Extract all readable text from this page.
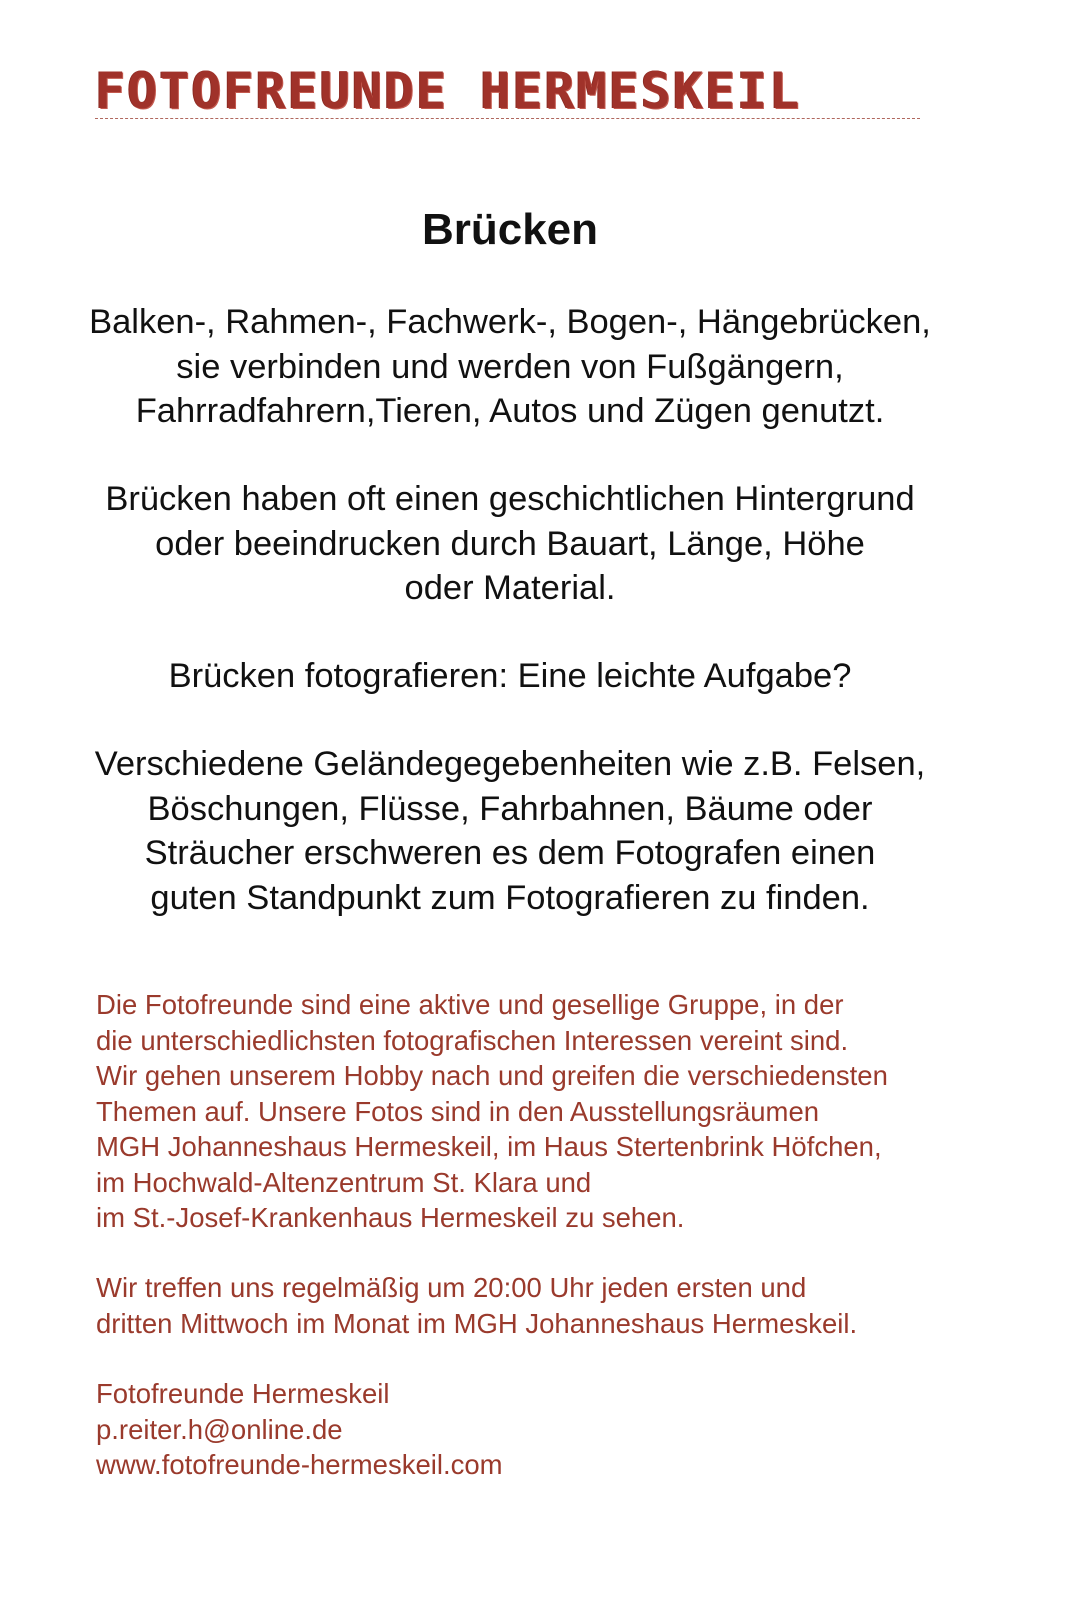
FOTOFREUNDE HERMESKEIL
Brücken
Balken-, Rahmen-, Fachwerk-, Bogen-, Hängebrücken,
sie verbinden und werden von Fußgängern,
Fahrradfahrern,Tieren, Autos und Zügen genutzt.
Brücken haben oft einen geschichtlichen Hintergrund
oder beeindrucken durch Bauart, Länge, Höhe
oder Material.
Brücken fotografieren: Eine leichte Aufgabe?
Verschiedene Geländegegebenheiten wie z.B. Felsen,
Böschungen, Flüsse, Fahrbahnen, Bäume oder
Sträucher erschweren es dem Fotografen einen
guten Standpunkt zum Fotografieren zu finden.
Die Fotofreunde sind eine aktive und gesellige Gruppe, in der
die unterschiedlichsten fotografischen Interessen vereint sind.
Wir gehen unserem Hobby nach und greifen die verschiedensten
Themen auf. Unsere Fotos sind in den Ausstellungsräumen
MGH Johanneshaus Hermeskeil, im Haus Stertenbrink Höfchen,
im Hochwald-Altenzentrum St. Klara und
im St.-Josef-Krankenhaus Hermeskeil zu sehen.
Wir treffen uns regelmäßig um 20:00 Uhr jeden ersten und
dritten Mittwoch im Monat im MGH Johanneshaus Hermeskeil.
Fotofreunde Hermeskeil
p.reiter.h@online.de
www.fotofreunde-hermeskeil.com
